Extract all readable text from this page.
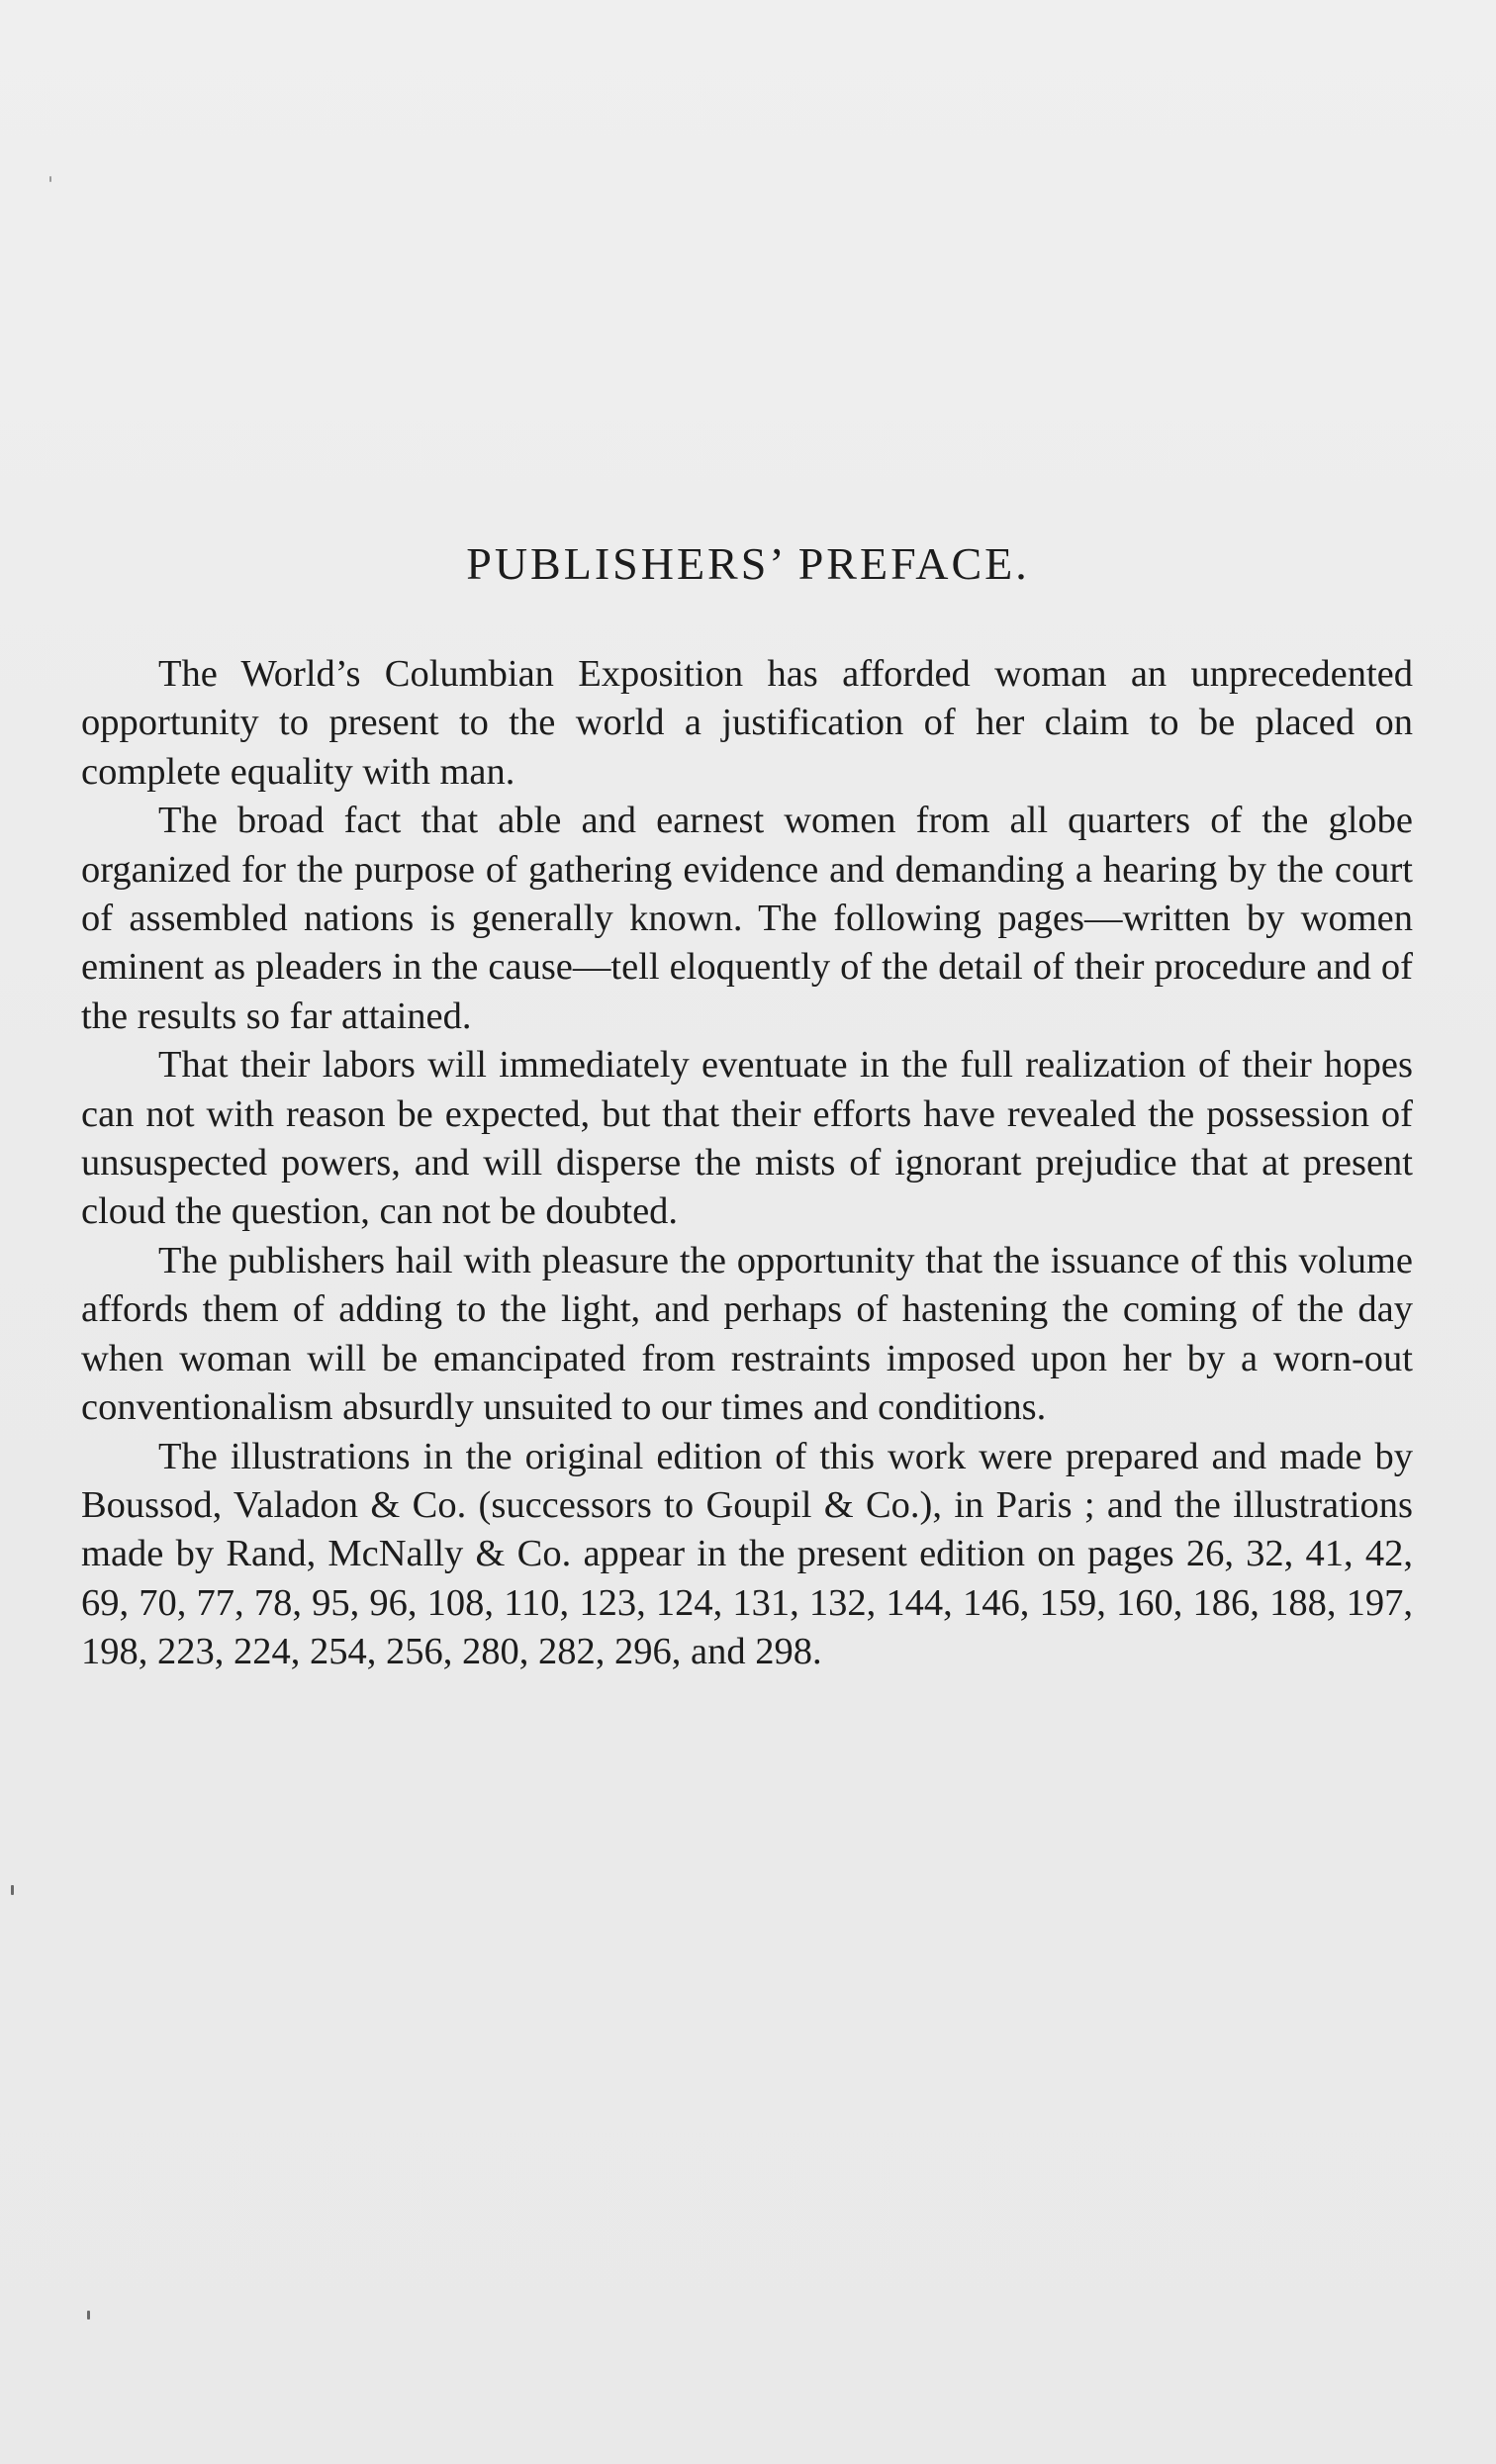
PUBLISHERS’ PREFACE.

The World’s Columbian Exposition has afforded woman an unprecedented opportunity to present to the world a justification of her claim to be placed on complete equality with man.

The broad fact that able and earnest women from all quarters of the globe organized for the purpose of gathering evidence and demanding a hearing by the court of assembled nations is generally known. The following pages—written by women eminent as pleaders in the cause—tell eloquently of the detail of their procedure and of the results so far attained.

That their labors will immediately eventuate in the full realization of their hopes can not with reason be expected, but that their efforts have revealed the possession of unsuspected powers, and will disperse the mists of ignorant prejudice that at present cloud the question, can not be doubted.

The publishers hail with pleasure the opportunity that the issuance of this volume affords them of adding to the light, and perhaps of hastening the coming of the day when woman will be emancipated from restraints imposed upon her by a worn-out conventionalism absurdly unsuited to our times and conditions.

The illustrations in the original edition of this work were prepared and made by Boussod, Valadon & Co. (successors to Goupil & Co.), in Paris ; and the illustrations made by Rand, McNally & Co. appear in the present edition on pages 26, 32, 41, 42, 69, 70, 77, 78, 95, 96, 108, 110, 123, 124, 131, 132, 144, 146, 159, 160, 186, 188, 197, 198, 223, 224, 254, 256, 280, 282, 296, and 298.
